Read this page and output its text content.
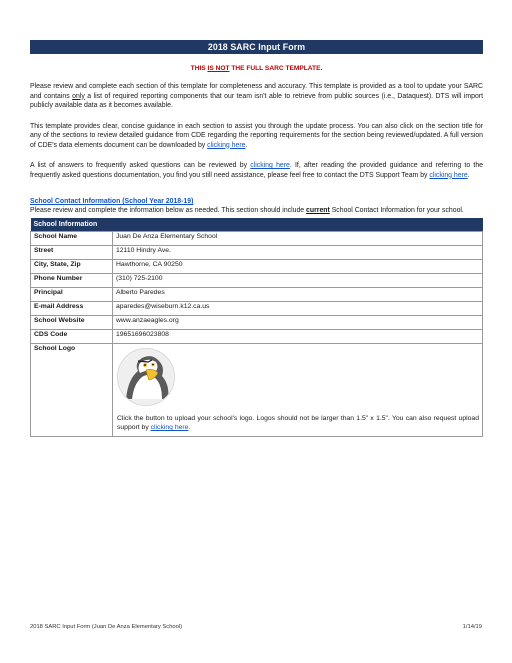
2018 SARC Input Form
THIS IS NOT THE FULL SARC TEMPLATE.

Please review and complete each section of this template for completeness and accuracy. This template is provided as a tool to update your SARC and contains only a list of required reporting components that our team isn't able to retrieve from public sources (i.e., Dataquest). DTS will import publicly available data as it becomes available.

This template provides clear, concise guidance in each section to assist you through the update process. You can also click on the section title for any of the sections to review detailed guidance from CDE regarding the reporting requirements for the section being reviewed/updated. A full version of CDE's data elements document can be downloaded by clicking here.

A list of answers to frequently asked questions can be reviewed by clicking here. If, after reading the provided guidance and referring to the frequently asked questions documentation, you find you still need assistance, please feel free to contact the DTS Support Team by clicking here.

School Contact Information (School Year 2018-19)
Please review and complete the information below as needed. This section should include current School Contact Information for your school.
School Information	
School Name	Juan De Anza Elementary School
Street	12110 Hindry Ave.
City, State, Zip	Hawthorne, CA 90250
Phone Number	(310) 725-2100
Principal	Alberto Paredes
E-mail Address	aparedes@wiseburn.k12.ca.us
School Website	www.anzaeagles.org
CDS Code	19651696023808
School Logo	Click the button to upload your school's logo. Logos should not be larger than 1.5" x 1.5". You can also request upload support by clicking here.

2018 SARC Input Form (Juan De Anza Elementary School)	1/14/19
